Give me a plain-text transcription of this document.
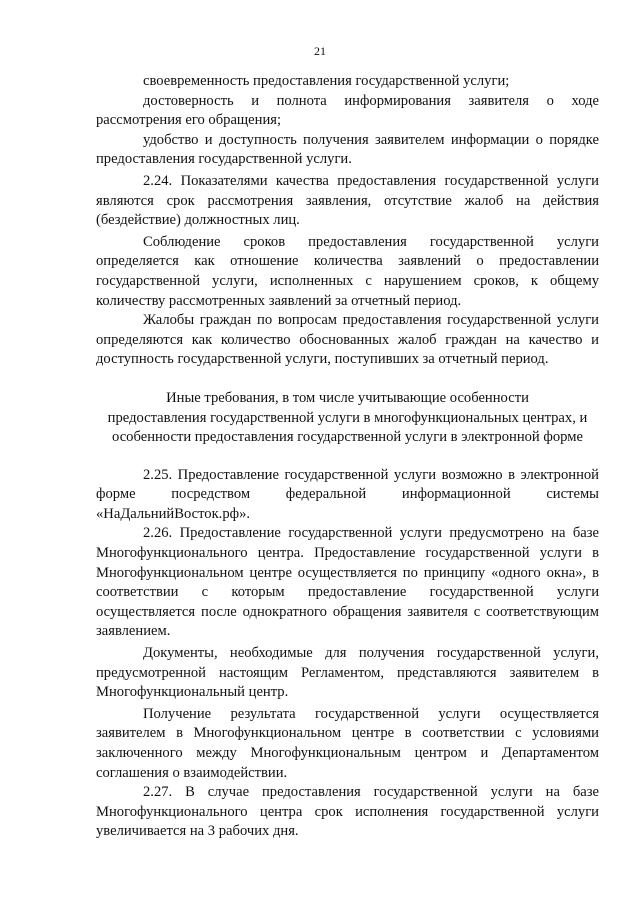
21

своевременность предоставления государственной услуги;

достоверность и полнота информирования заявителя о ходе рассмотрения его обращения;

удобство и доступность получения заявителем информации о порядке предоставления государственной услуги.

2.24. Показателями качества предоставления государственной услуги являются срок рассмотрения заявления, отсутствие жалоб на действия (бездействие) должностных лиц.

Соблюдение сроков предоставления государственной услуги определяется как отношение количества заявлений о предоставлении государственной услуги, исполненных с нарушением сроков, к общему количеству рассмотренных заявлений за отчетный период.

Жалобы граждан по вопросам предоставления государственной услуги определяются как количество обоснованных жалоб граждан на качество и доступность государственной услуги, поступивших за отчетный период.

Иные требования, в том числе учитывающие особенности
предоставления государственной услуги в многофункциональных центрах, и
особенности предоставления государственной услуги в электронной форме

2.25. Предоставление государственной услуги возможно в электронной форме посредством федеральной информационной системы «НаДальнийВосток.рф».

2.26. Предоставление государственной услуги предусмотрено на базе Многофункционального центра. Предоставление государственной услуги в Многофункциональном центре осуществляется по принципу «одного окна», в соответствии с которым предоставление государственной услуги осуществляется после однократного обращения заявителя с соответствующим заявлением.

Документы, необходимые для получения государственной услуги, предусмотренной настоящим Регламентом, представляются заявителем в Многофункциональный центр.

Получение результата государственной услуги осуществляется заявителем в Многофункциональном центре в соответствии с условиями заключенного между Многофункциональным центром и Департаментом соглашения о взаимодействии.

2.27. В случае предоставления государственной услуги на базе Многофункционального центра срок исполнения государственной услуги увеличивается на 3 рабочих дня.
